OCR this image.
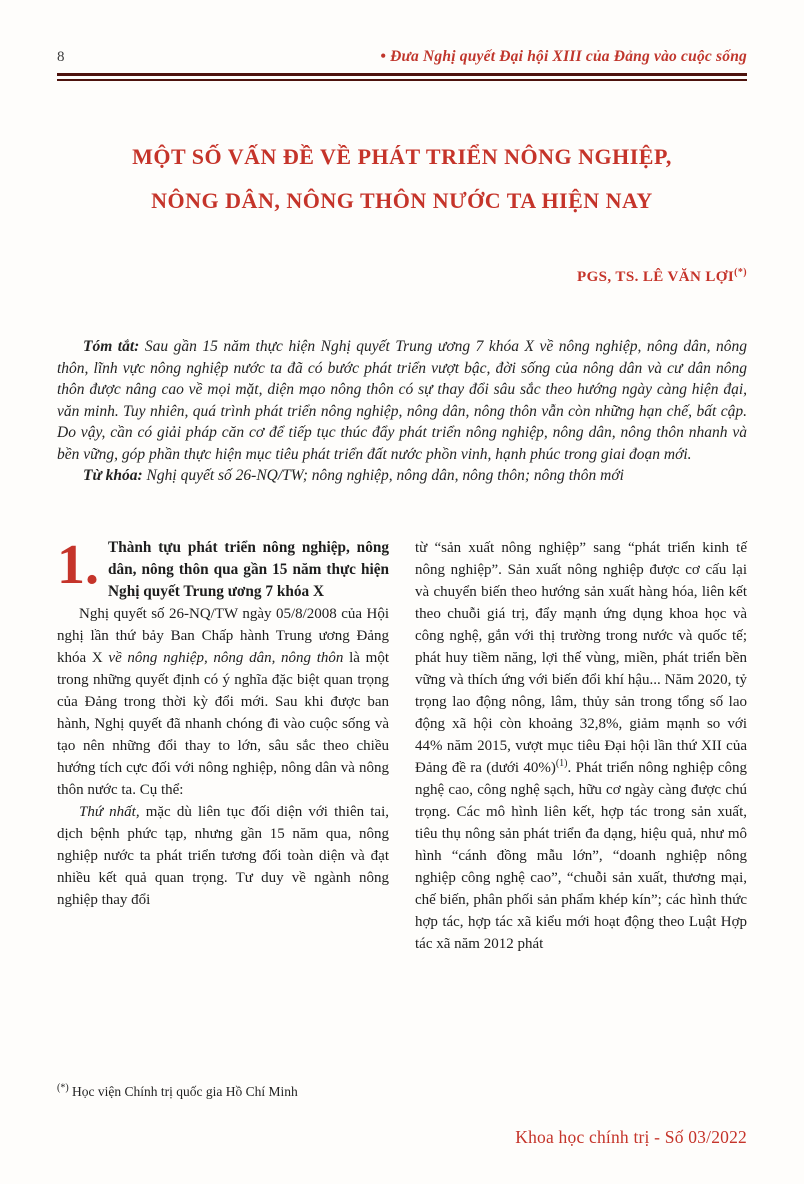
8	• Đưa Nghị quyết Đại hội XIII của Đảng vào cuộc sống
MỘT SỐ VẤN ĐỀ VỀ PHÁT TRIỂN NÔNG NGHIỆP,
NÔNG DÂN, NÔNG THÔN NƯỚC TA HIỆN NAY
PGS, TS. LÊ VĂN LỢI(*)

Tóm tắt: Sau gần 15 năm thực hiện Nghị quyết Trung ương 7 khóa X về nông nghiệp, nông dân, nông thôn, lĩnh vực nông nghiệp nước ta đã có bước phát triển vượt bậc, đời sống của nông dân và cư dân nông thôn được nâng cao về mọi mặt, diện mạo nông thôn có sự thay đổi sâu sắc theo hướng ngày càng hiện đại, văn minh. Tuy nhiên, quá trình phát triển nông nghiệp, nông dân, nông thôn vẫn còn những hạn chế, bất cập. Do vậy, cần có giải pháp căn cơ để tiếp tục thúc đẩy phát triển nông nghiệp, nông dân, nông thôn nhanh và bền vững, góp phần thực hiện mục tiêu phát triển đất nước phồn vinh, hạnh phúc trong giai đoạn mới.

Từ khóa: Nghị quyết số 26-NQ/TW; nông nghiệp, nông dân, nông thôn; nông thôn mới

1. Thành tựu phát triển nông nghiệp, nông dân, nông thôn qua gần 15 năm thực hiện Nghị quyết Trung ương 7 khóa X

Nghị quyết số 26-NQ/TW ngày 05/8/2008 của Hội nghị lần thứ bảy Ban Chấp hành Trung ương Đảng khóa X về nông nghiệp, nông dân, nông thôn là một trong những quyết định có ý nghĩa đặc biệt quan trọng của Đảng trong thời kỳ đổi mới. Sau khi được ban hành, Nghị quyết đã nhanh chóng đi vào cuộc sống và tạo nên những đổi thay to lớn, sâu sắc theo chiều hướng tích cực đối với nông nghiệp, nông dân và nông thôn nước ta. Cụ thể:

Thứ nhất, mặc dù liên tục đối diện với thiên tai, dịch bệnh phức tạp, nhưng gần 15 năm qua, nông nghiệp nước ta phát triển tương đối toàn diện và đạt nhiều kết quả quan trọng. Tư duy về ngành nông nghiệp thay đổi

từ “sản xuất nông nghiệp” sang “phát triển kinh tế nông nghiệp”. Sản xuất nông nghiệp được cơ cấu lại và chuyển biến theo hướng sản xuất hàng hóa, liên kết theo chuỗi giá trị, đẩy mạnh ứng dụng khoa học và công nghệ, gắn với thị trường trong nước và quốc tế; phát huy tiềm năng, lợi thế vùng, miền, phát triển bền vững và thích ứng với biến đổi khí hậu... Năm 2020, tỷ trọng lao động nông, lâm, thủy sản trong tổng số lao động xã hội còn khoảng 32,8%, giảm mạnh so với 44% năm 2015, vượt mục tiêu Đại hội lần thứ XII của Đảng đề ra (dưới 40%)$^{(1)}$. Phát triển nông nghiệp công nghệ cao, công nghệ sạch, hữu cơ ngày càng được chú trọng. Các mô hình liên kết, hợp tác trong sản xuất, tiêu thụ nông sản phát triển đa dạng, hiệu quả, như mô hình “cánh đồng mẫu lớn”, “doanh nghiệp nông nghiệp công nghệ cao”, “chuỗi sản xuất, thương mại, chế biến, phân phối sản phẩm khép kín”; các hình thức hợp tác, hợp tác xã kiểu mới hoạt động theo Luật Hợp tác xã năm 2012 phát

(*) Học viện Chính trị quốc gia Hồ Chí Minh
Khoa học chính trị - Số 03/2022
